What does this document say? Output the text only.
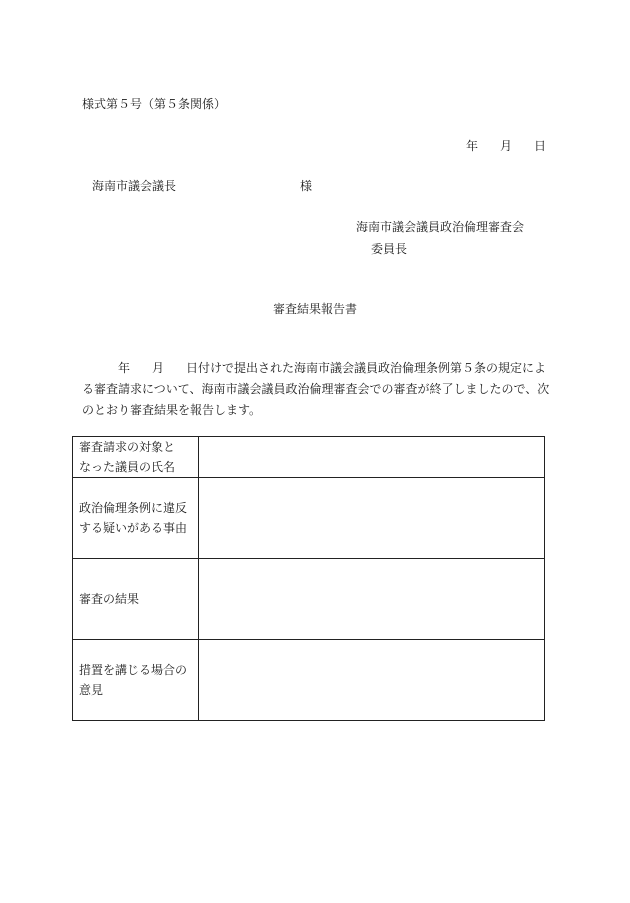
様式第５号（第５条関係）
年 月 日
海南市議会議長	様
海南市議会議員政治倫理審査会
委員長
審査結果報告書
年 月 日付けで提出された海南市議会議員政治倫理条例第５条の規定による審査請求について、海南市議会議員政治倫理審査会での審査が終了しましたので、次のとおり審査結果を報告します。
審査請求の対象と
なった議員の氏名	
政治倫理条例に違反
する疑いがある事由	
審査の結果	
措置を講じる場合の
意見	
